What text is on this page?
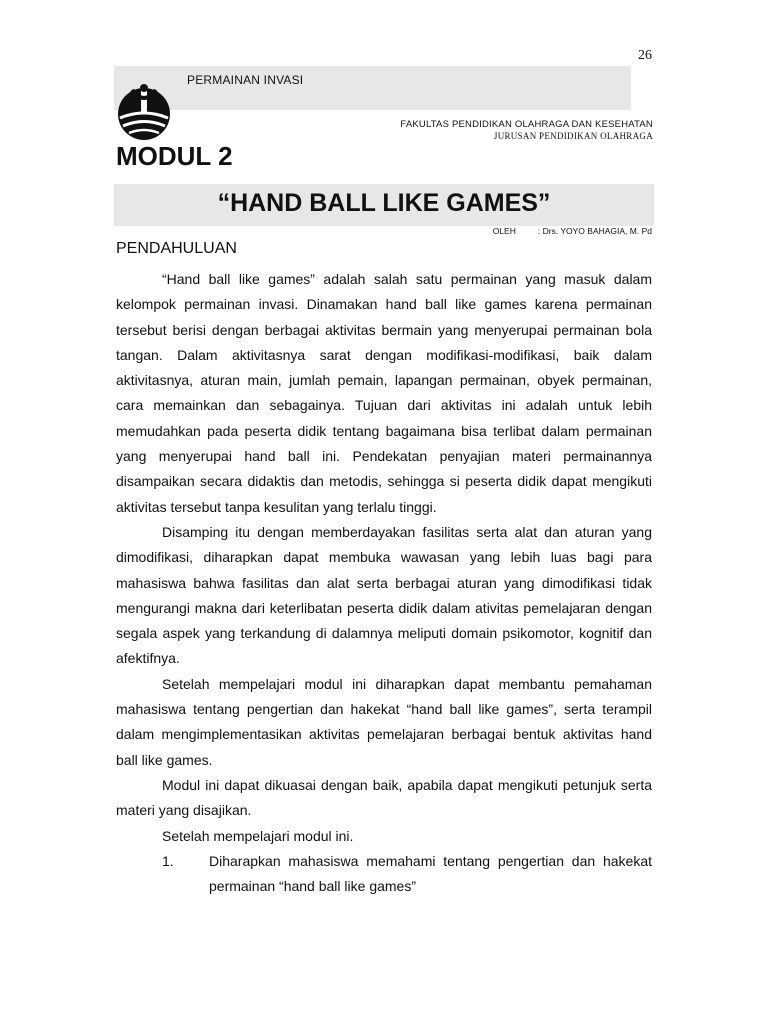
26
PERMAINAN INVASI
FAKULTAS PENDIDIKAN OLAHRAGA DAN KESEHATAN
JURUSAN PENDIDIKAN OLAHRAGA
MODUL 2
“HAND BALL LIKE GAMES”
OLEH	: Drs. YOYO BAHAGIA, M. Pd
PENDAHULUAN

“Hand ball like games” adalah salah satu permainan yang masuk dalam kelompok permainan invasi. Dinamakan hand ball like games karena permainan tersebut berisi dengan berbagai aktivitas bermain yang menyerupai permainan bola tangan. Dalam aktivitasnya sarat dengan modifikasi-modifikasi, baik dalam aktivitasnya, aturan main, jumlah pemain, lapangan permainan, obyek permainan, cara memainkan dan sebagainya. Tujuan dari aktivitas ini adalah untuk lebih memudahkan pada peserta didik tentang bagaimana bisa terlibat dalam permainan yang menyerupai hand ball ini. Pendekatan penyajian materi permainannya disampaikan secara didaktis dan metodis, sehingga si peserta didik dapat mengikuti aktivitas tersebut tanpa kesulitan yang terlalu tinggi.

Disamping itu dengan memberdayakan fasilitas serta alat dan aturan yang dimodifikasi, diharapkan dapat membuka wawasan yang lebih luas bagi para mahasiswa bahwa fasilitas dan alat serta berbagai aturan yang dimodifikasi tidak mengurangi makna dari keterlibatan peserta didik dalam ativitas pemelajaran dengan segala aspek yang terkandung di dalamnya meliputi domain psikomotor, kognitif dan afektifnya.

Setelah mempelajari modul ini diharapkan dapat membantu pemahaman mahasiswa tentang pengertian dan hakekat “hand ball like games”, serta terampil dalam mengimplementasikan aktivitas pemelajaran berbagai bentuk aktivitas hand ball like games.

Modul ini dapat dikuasai dengan baik, apabila dapat mengikuti petunjuk serta materi yang disajikan.

Setelah mempelajari modul ini.

1.	Diharapkan mahasiswa memahami tentang pengertian dan hakekat permainan “hand ball like games”
